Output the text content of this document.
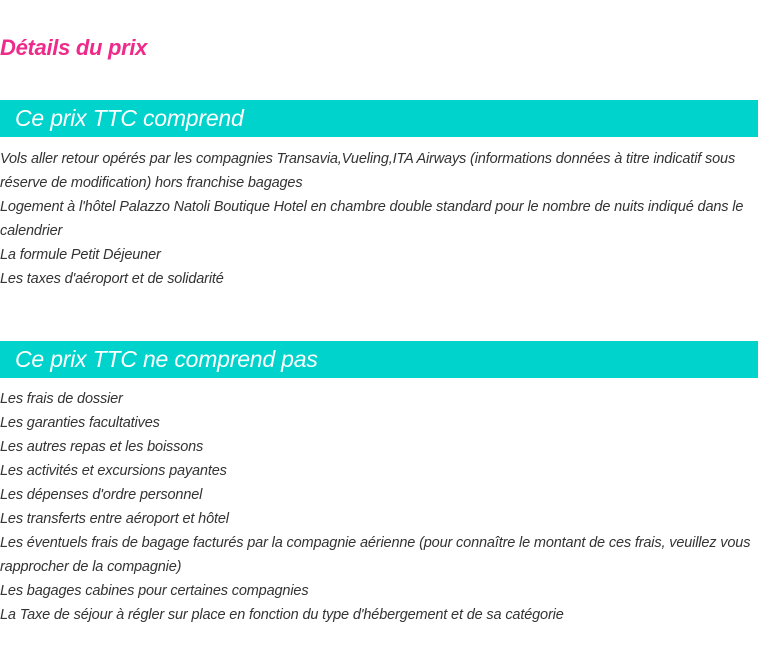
Détails du prix
Ce prix TTC comprend
Vols aller retour opérés par les compagnies Transavia,Vueling,ITA Airways (informations données à titre indicatif sous réserve de modification) hors franchise bagages
Logement à l'hôtel Palazzo Natoli Boutique Hotel en chambre double standard pour le nombre de nuits indiqué dans le calendrier
La formule Petit Déjeuner
Les taxes d'aéroport et de solidarité
Ce prix TTC ne comprend pas
Les frais de dossier
Les garanties facultatives
Les autres repas et les boissons
Les activités et excursions payantes
Les dépenses d'ordre personnel
Les transferts entre aéroport et hôtel
Les éventuels frais de bagage facturés par la compagnie aérienne (pour connaître le montant de ces frais, veuillez vous rapprocher de la compagnie)
Les bagages cabines pour certaines compagnies
La Taxe de séjour à régler sur place en fonction du type d'hébergement et de sa catégorie
